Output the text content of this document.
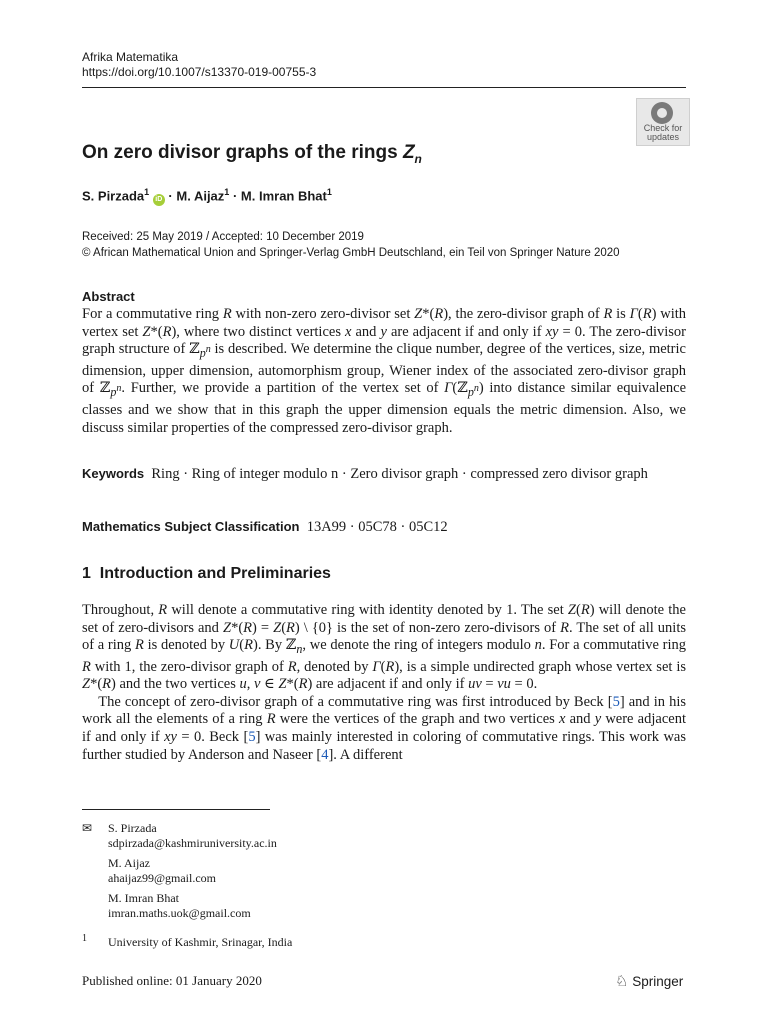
Afrika Matematika
https://doi.org/10.1007/s13370-019-00755-3
Check for updates
On zero divisor graphs of the rings $Z_n$
S. Pirzada$^1$ iD · M. Aijaz$^1$ · M. Imran Bhat$^1$
Received: 25 May 2019 / Accepted: 10 December 2019
© African Mathematical Union and Springer-Verlag GmbH Deutschland, ein Teil von Springer Nature 2020
Abstract
For a commutative ring R with non-zero zero-divisor set Z*(R), the zero-divisor graph of R is Γ(R) with vertex set Z*(R), where two distinct vertices x and y are adjacent if and only if xy = 0. The zero-divisor graph structure of ℤ$_{p^n}$ is described. We determine the clique number, degree of the vertices, size, metric dimension, upper dimension, automorphism group, Wiener index of the associated zero-divisor graph of ℤ$_{p^n}$. Further, we provide a partition of the vertex set of Γ(ℤ$_{p^n}$) into distance similar equivalence classes and we show that in this graph the upper dimension equals the metric dimension. Also, we discuss similar properties of the compressed zero-divisor graph.
Keywords Ring · Ring of integer modulo n · Zero divisor graph · compressed zero divisor graph
Mathematics Subject Classification 13A99 · 05C78 · 05C12
1 Introduction and Preliminaries
Throughout, R will denote a commutative ring with identity denoted by 1. The set Z(R) will denote the set of zero-divisors and Z*(R) = Z(R) \ {0} is the set of non-zero zero-divisors of R. The set of all units of a ring R is denoted by U(R). By ℤ$_n$, we denote the ring of integers modulo n. For a commutative ring R with 1, the zero-divisor graph of R, denoted by Γ(R), is a simple undirected graph whose vertex set is Z*(R) and the two vertices u, v ∈ Z*(R) are adjacent if and only if uv = vu = 0.
The concept of zero-divisor graph of a commutative ring was first introduced by Beck [5] and in his work all the elements of a ring R were the vertices of the graph and two vertices x and y were adjacent if and only if xy = 0. Beck [5] was mainly interested in coloring of commutative rings. This work was further studied by Anderson and Naseer [4]. A different
✉ S. Pirzada
sdpirzada@kashmiruniversity.ac.in
M. Aijaz
ahaijaz99@gmail.com
M. Imran Bhat
imran.maths.uok@gmail.com
1 University of Kashmir, Srinagar, India
Published online: 01 January 2020	♘ Springer
